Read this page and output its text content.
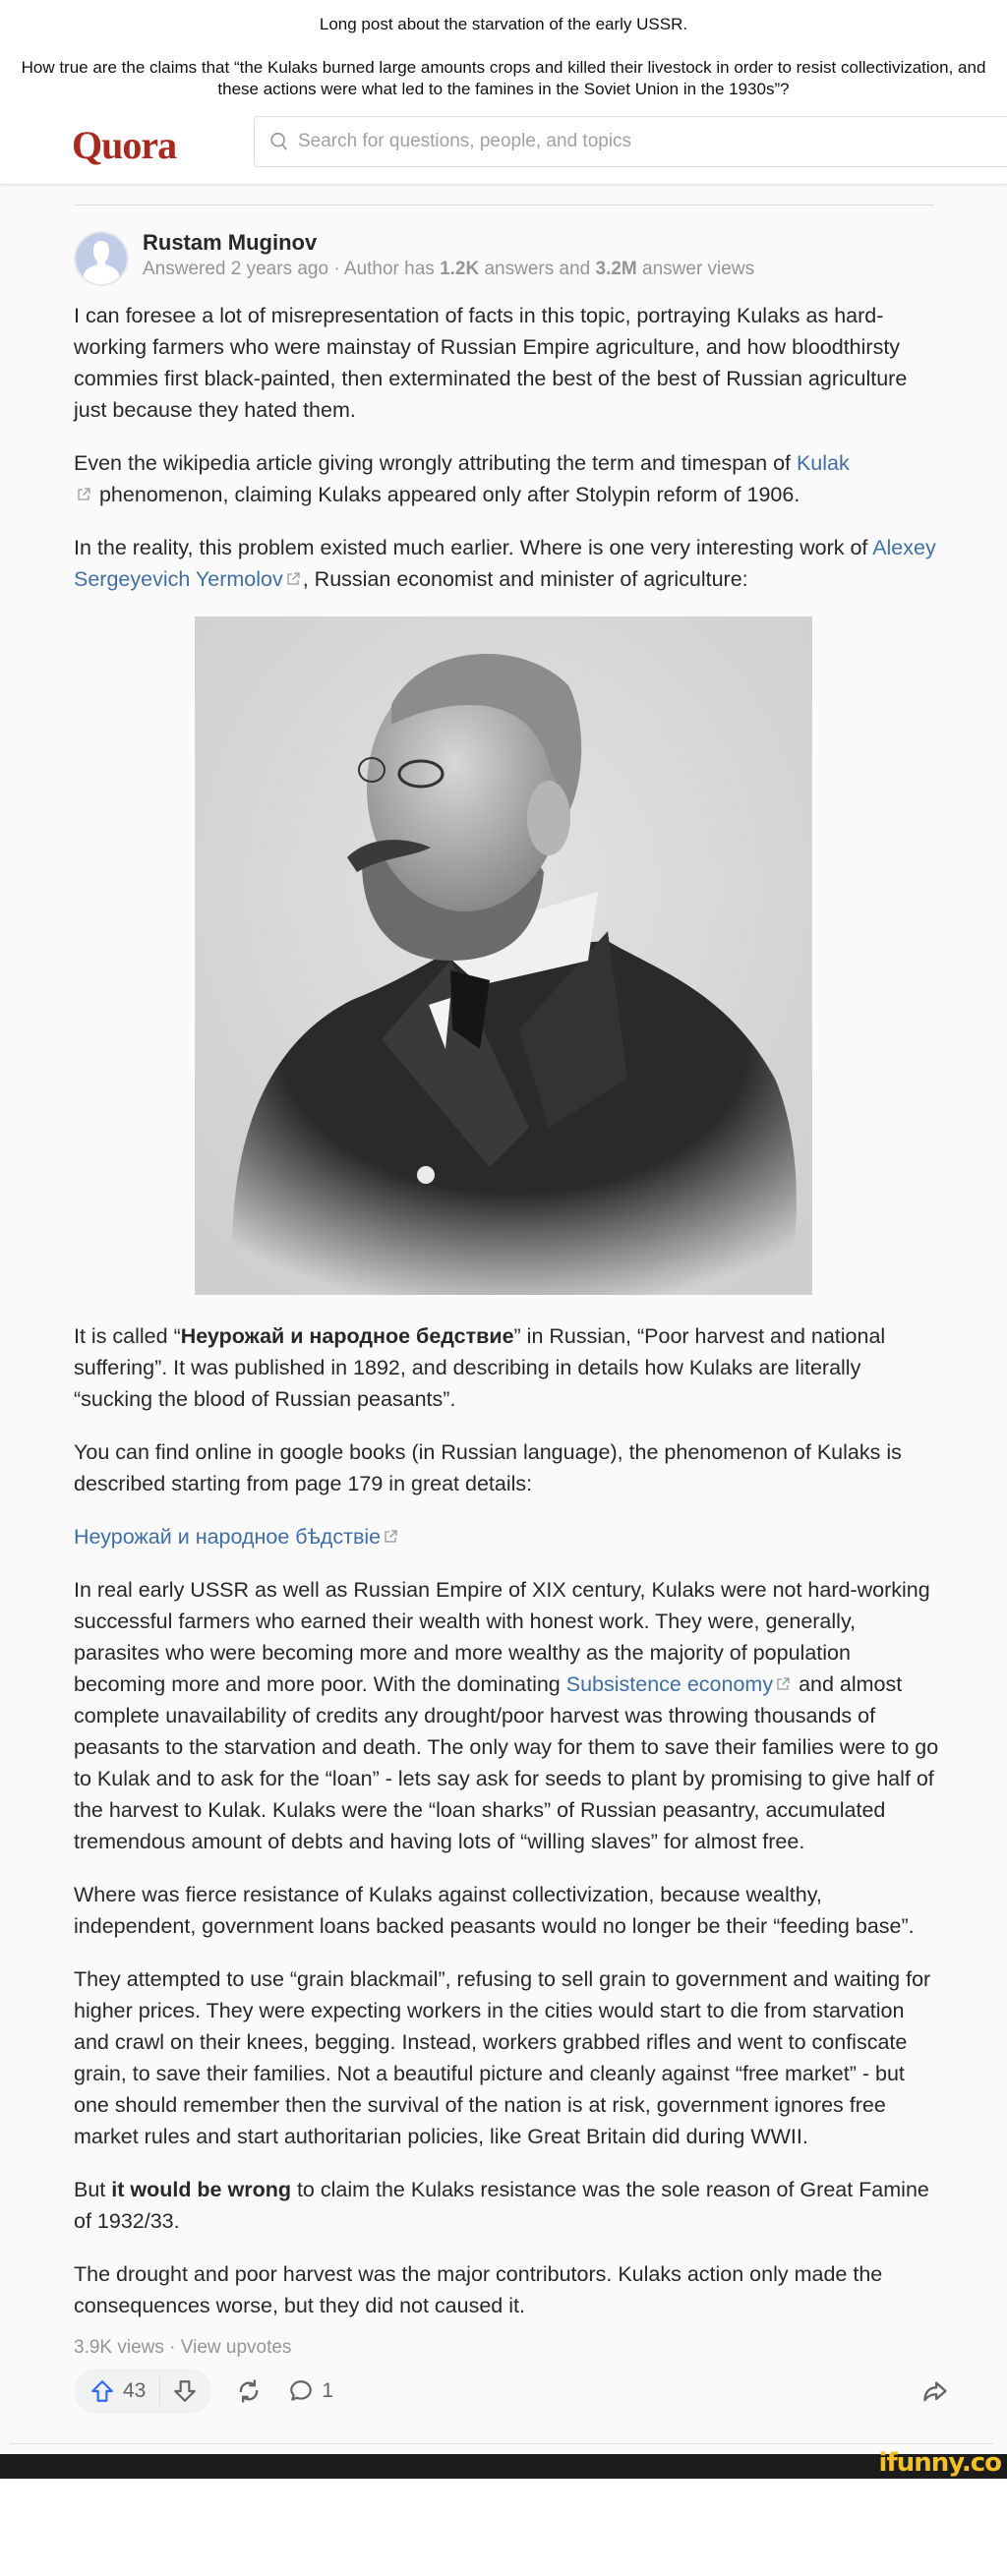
Long post about the starvation of the early USSR.
How true are the claims that “the Kulaks burned large amounts crops and killed their livestock in order to resist collectivization, and these actions were what led to the famines in the Soviet Union in the 1930s”?
Quora
Search for questions, people, and topics
Rustam Muginov
Answered 2 years ago · Author has 1.2K answers and 3.2M answer views

I can foresee a lot of misrepresentation of facts in this topic, portraying Kulaks as hard-working farmers who were mainstay of Russian Empire agriculture, and how bloodthirsty commies first black-painted, then exterminated the best of the best of Russian agriculture just because they hated them.

Even the wikipedia article giving wrongly attributing the term and timespan of Kulak
phenomenon, claiming Kulaks appeared only after Stolypin reform of 1906.

In the reality, this problem existed much earlier. Where is one very interesting work of Alexey Sergeyevich Yermolov , Russian economist and minister of agriculture:

It is called “Неурожай и народное бедствие” in Russian, “Poor harvest and national suffering”. It was published in 1892, and describing in details how Kulaks are literally “sucking the blood of Russian peasants”.

You can find online in google books (in Russian language), the phenomenon of Kulaks is described starting from page 179 in great details:

Неурожай и народное бѣдствіе

In real early USSR as well as Russian Empire of XIX century, Kulaks were not hard-working successful farmers who earned their wealth with honest work. They were, generally, parasites who were becoming more and more wealthy as the majority of population becoming more and more poor. With the dominating Subsistence economy and almost complete unavailability of credits any drought/poor harvest was throwing thousands of peasants to the starvation and death. The only way for them to save their families were to go to Kulak and to ask for the “loan” - lets say ask for seeds to plant by promising to give half of the harvest to Kulak. Kulaks were the “loan sharks” of Russian peasantry, accumulated tremendous amount of debts and having lots of “willing slaves” for almost free.

Where was fierce resistance of Kulaks against collectivization, because wealthy, independent, government loans backed peasants would no longer be their “feeding base”.

They attempted to use “grain blackmail”, refusing to sell grain to government and waiting for higher prices. They were expecting workers in the cities would start to die from starvation and crawl on their knees, begging. Instead, workers grabbed rifles and went to confiscate grain, to save their families. Not a beautiful picture and cleanly against “free market” - but one should remember then the survival of the nation is at risk, government ignores free market rules and start authoritarian policies, like Great Britain did during WWII.

But it would be wrong to claim the Kulaks resistance was the sole reason of Great Famine of 1932/33.

The drought and poor harvest was the major contributors. Kulaks action only made the consequences worse, but they did not caused it.

3.9K views · View upvotes
43	1
ifunny.co
